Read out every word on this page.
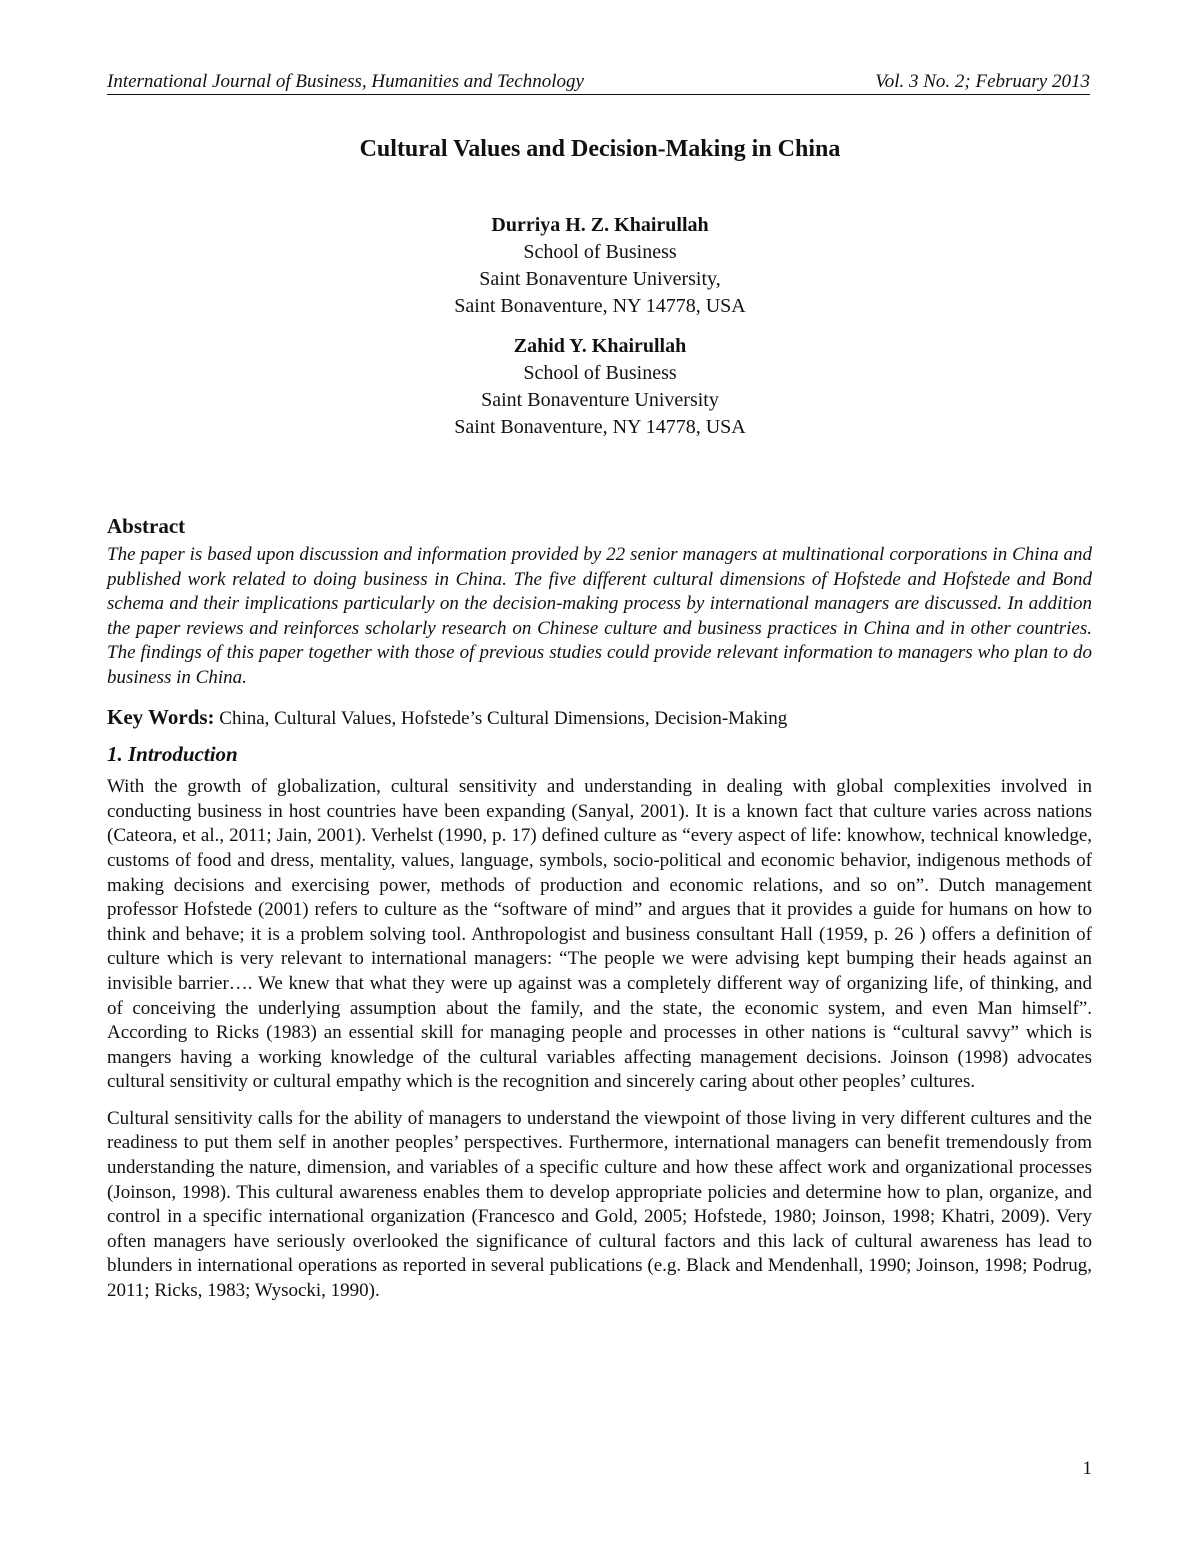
International Journal of Business, Humanities and Technology	Vol. 3 No. 2; February 2013
Cultural Values and Decision-Making in China
Durriya H. Z. Khairullah
School of Business
Saint Bonaventure University,
Saint Bonaventure, NY 14778, USA
Zahid Y. Khairullah
School of Business
Saint Bonaventure University
Saint Bonaventure, NY 14778, USA
Abstract

The paper is based upon discussion and information provided by 22 senior managers at multinational corporations in China and published work related to doing business in China. The five different cultural dimensions of Hofstede and Hofstede and Bond schema and their implications particularly on the decision-making process by international managers are discussed. In addition the paper reviews and reinforces scholarly research on Chinese culture and business practices in China and in other countries. The findings of this paper together with those of previous studies could provide relevant information to managers who plan to do business in China.

Key Words: China, Cultural Values, Hofstede’s Cultural Dimensions, Decision-Making

1. Introduction

With the growth of globalization, cultural sensitivity and understanding in dealing with global complexities involved in conducting business in host countries have been expanding (Sanyal, 2001). It is a known fact that culture varies across nations (Cateora, et al., 2011; Jain, 2001). Verhelst (1990, p. 17) defined culture as “every aspect of life: knowhow, technical knowledge, customs of food and dress, mentality, values, language, symbols, socio-political and economic behavior, indigenous methods of making decisions and exercising power, methods of production and economic relations, and so on”. Dutch management professor Hofstede (2001) refers to culture as the “software of mind” and argues that it provides a guide for humans on how to think and behave; it is a problem solving tool. Anthropologist and business consultant Hall (1959, p. 26 ) offers a definition of culture which is very relevant to international managers: “The people we were advising kept bumping their heads against an invisible barrier…. We knew that what they were up against was a completely different way of organizing life, of thinking, and of conceiving the underlying assumption about the family, and the state, the economic system, and even Man himself”. According to Ricks (1983) an essential skill for managing people and processes in other nations is “cultural savvy” which is mangers having a working knowledge of the cultural variables affecting management decisions. Joinson (1998) advocates cultural sensitivity or cultural empathy which is the recognition and sincerely caring about other peoples’ cultures.

Cultural sensitivity calls for the ability of managers to understand the viewpoint of those living in very different cultures and the readiness to put them self in another peoples’ perspectives. Furthermore, international managers can benefit tremendously from understanding the nature, dimension, and variables of a specific culture and how these affect work and organizational processes (Joinson, 1998). This cultural awareness enables them to develop appropriate policies and determine how to plan, organize, and control in a specific international organization (Francesco and Gold, 2005; Hofstede, 1980; Joinson, 1998; Khatri, 2009). Very often managers have seriously overlooked the significance of cultural factors and this lack of cultural awareness has lead to blunders in international operations as reported in several publications (e.g. Black and Mendenhall, 1990; Joinson, 1998; Podrug, 2011; Ricks, 1983; Wysocki, 1990).

1
